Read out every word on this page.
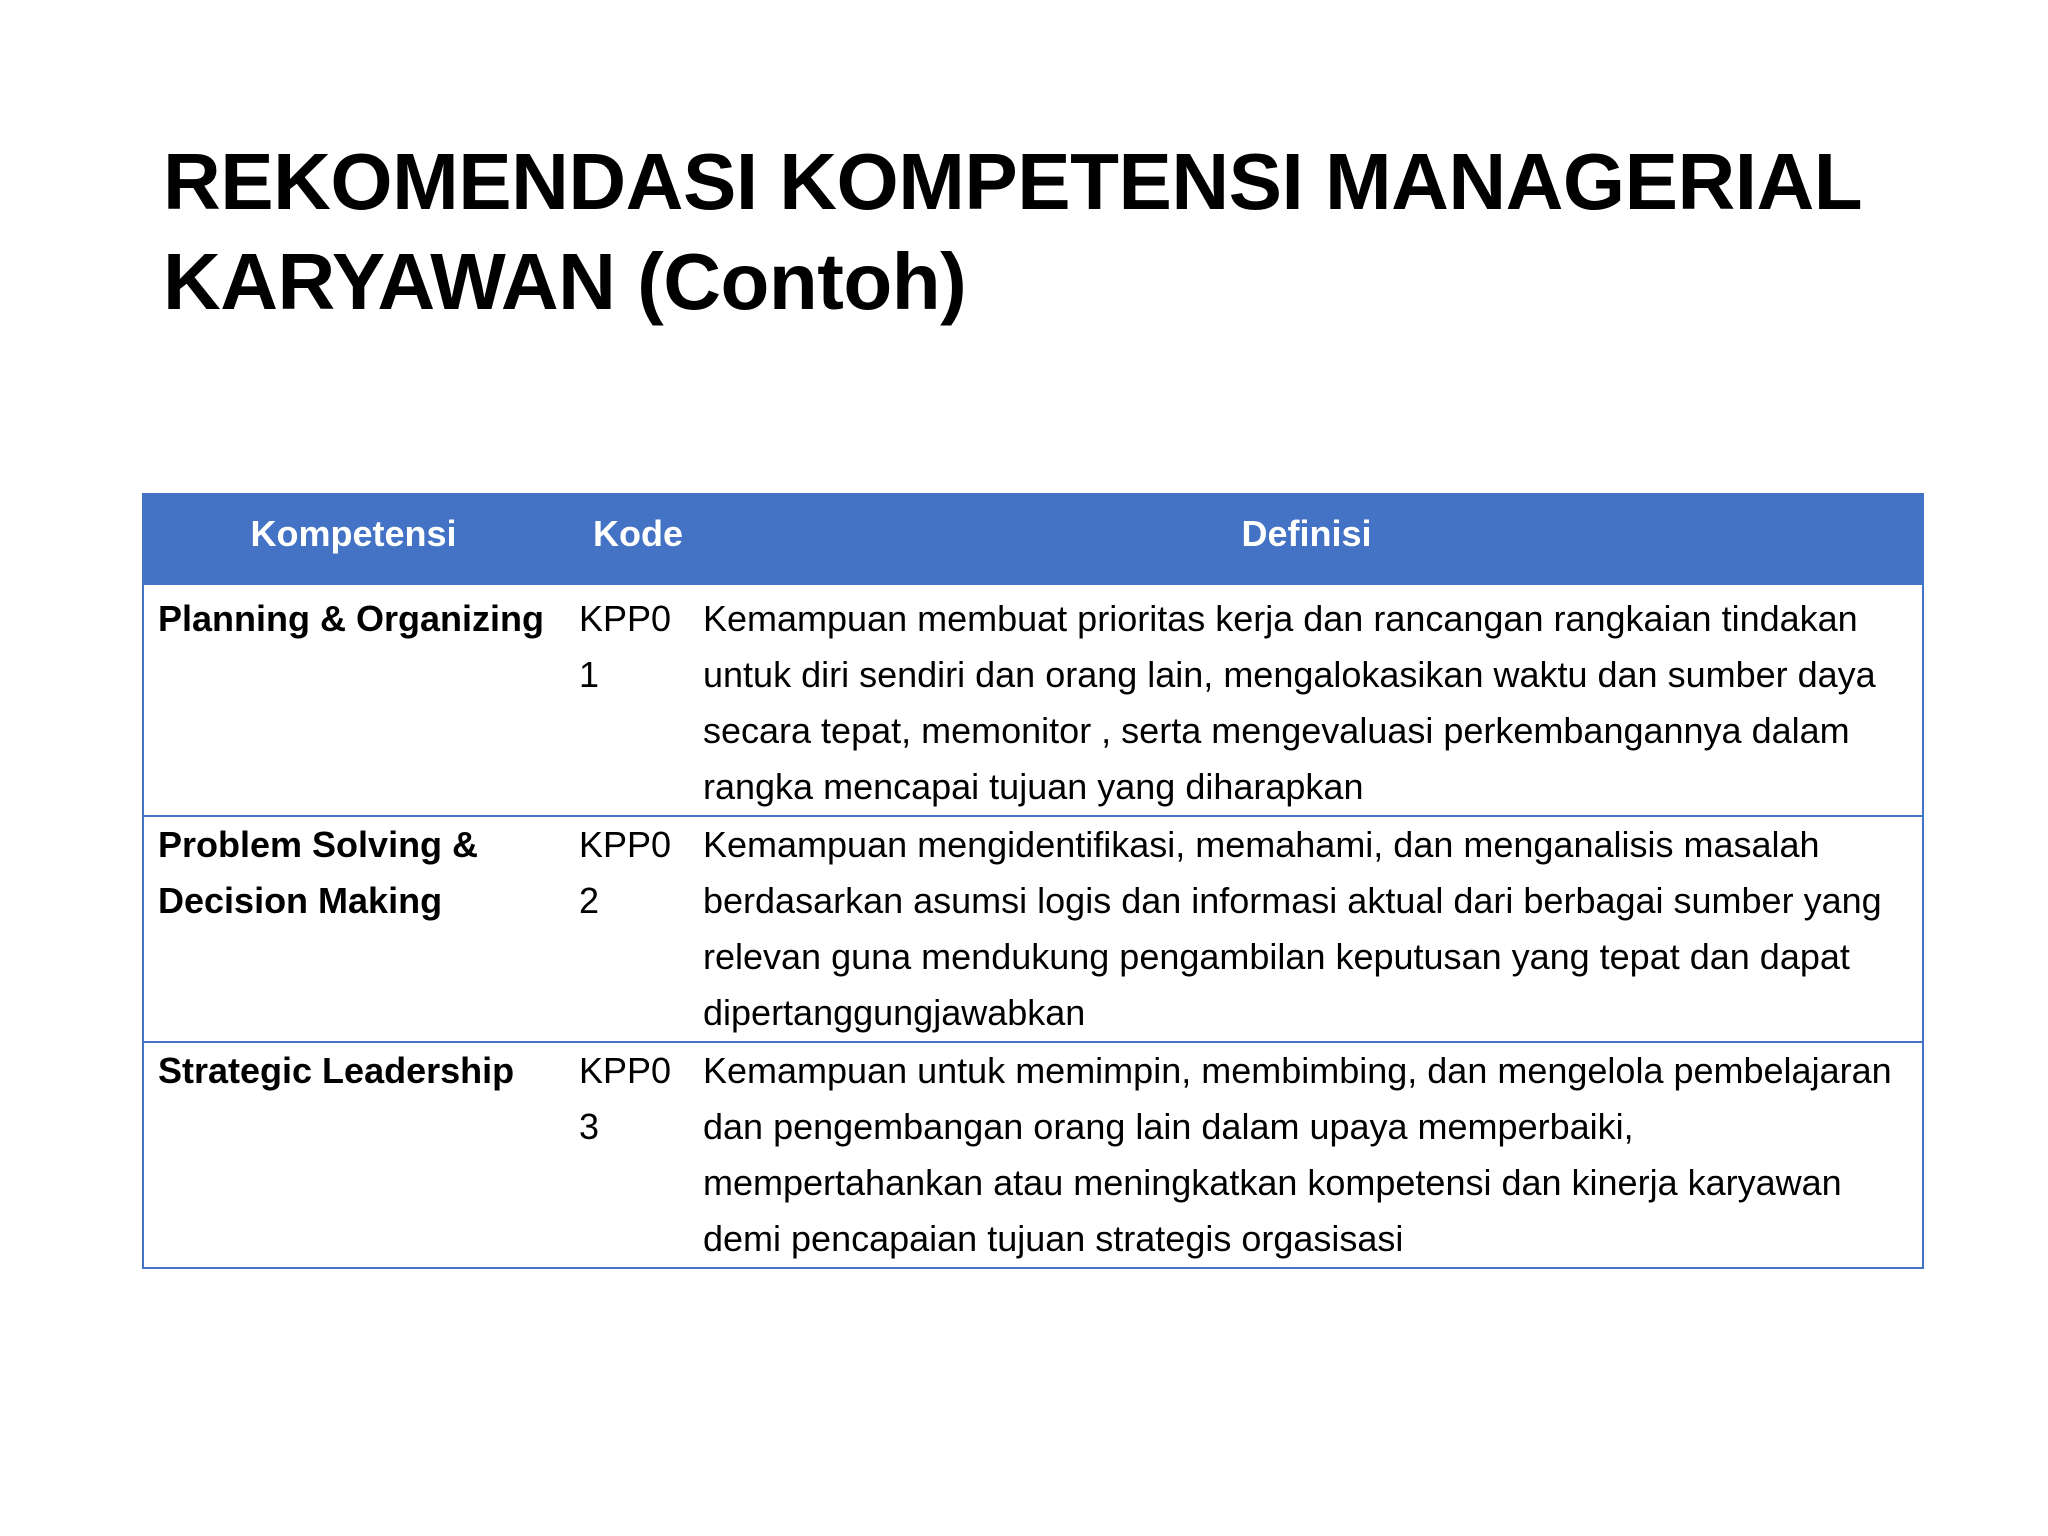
REKOMENDASI KOMPETENSI MANAGERIAL
KARYAWAN (Contoh)
Kompetensi	Kode	Definisi
Planning & Organizing	KPP01	Kemampuan membuat prioritas kerja dan rancangan rangkaian tindakan untuk diri sendiri dan orang lain, mengalokasikan waktu dan sumber daya secara tepat, memonitor , serta mengevaluasi perkembangannya dalam rangka mencapai tujuan yang diharapkan
Problem Solving & Decision Making	KPP02	Kemampuan mengidentifikasi, memahami, dan menganalisis masalah berdasarkan asumsi logis dan informasi aktual dari berbagai sumber yang relevan guna mendukung pengambilan keputusan yang tepat dan dapat dipertanggungjawabkan
Strategic Leadership	KPP03	Kemampuan untuk memimpin, membimbing, dan mengelola pembelajaran dan pengembangan orang lain dalam upaya memperbaiki, mempertahankan atau meningkatkan kompetensi dan kinerja karyawan demi pencapaian tujuan strategis orgasisasi
